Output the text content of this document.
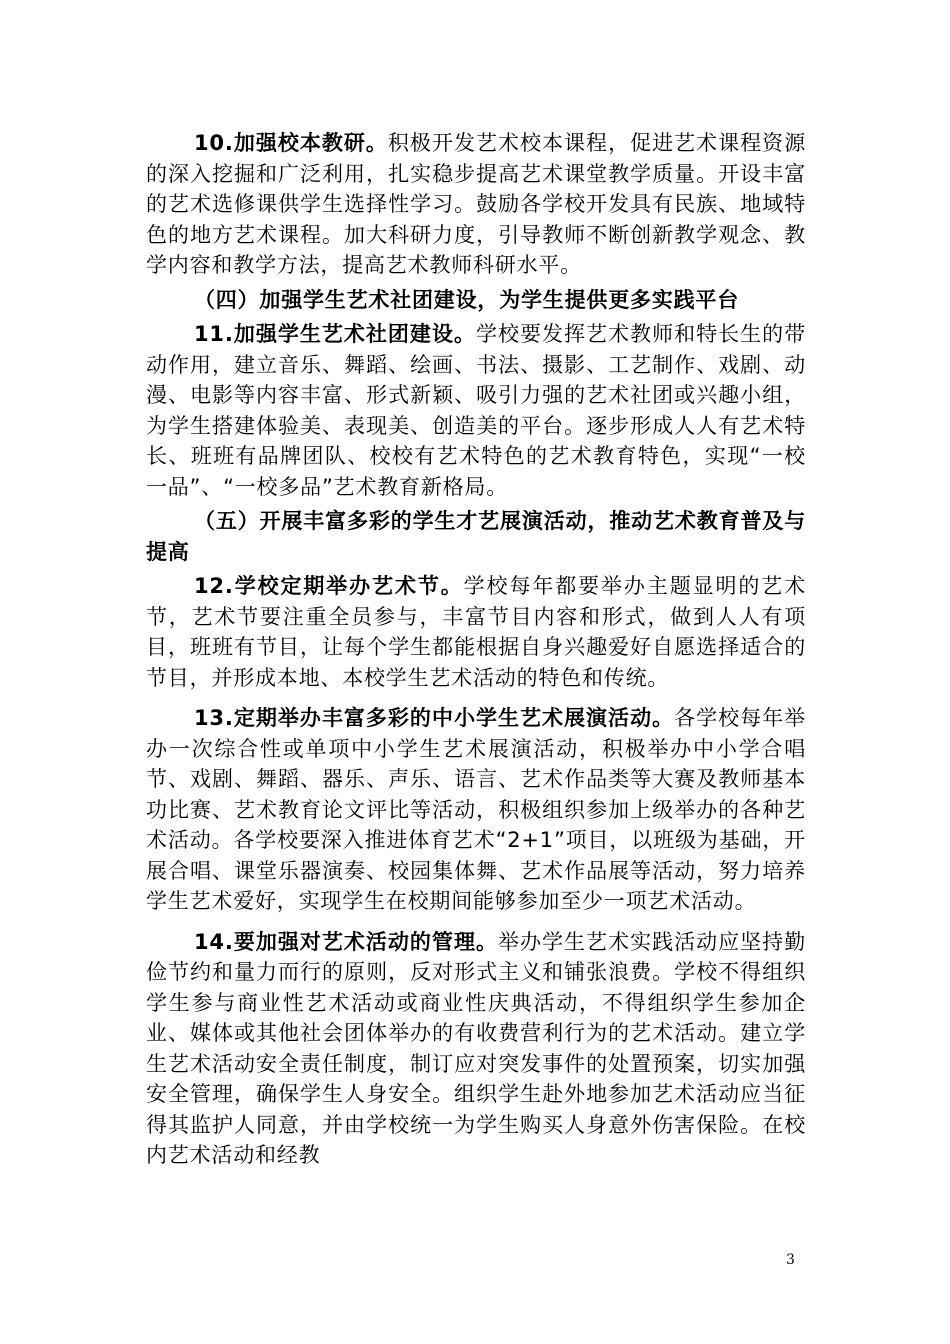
10.加强校本教研。积极开发艺术校本课程，促进艺术课程资源的深入挖掘和广泛利用，扎实稳步提高艺术课堂教学质量。开设丰富的艺术选修课供学生选择性学习。鼓励各学校开发具有民族、地域特色的地方艺术课程。加大科研力度，引导教师不断创新教学观念、教学内容和教学方法，提高艺术教师科研水平。

（四）加强学生艺术社团建设，为学生提供更多实践平台

11.加强学生艺术社团建设。学校要发挥艺术教师和特长生的带动作用，建立音乐、舞蹈、绘画、书法、摄影、工艺制作、戏剧、动漫、电影等内容丰富、形式新颖、吸引力强的艺术社团或兴趣小组，为学生搭建体验美、表现美、创造美的平台。逐步形成人人有艺术特长、班班有品牌团队、校校有艺术特色的艺术教育特色，实现“一校一品”、“一校多品”艺术教育新格局。

（五）开展丰富多彩的学生才艺展演活动，推动艺术教育普及与提高

12.学校定期举办艺术节。学校每年都要举办主题显明的艺术节，艺术节要注重全员参与，丰富节目内容和形式，做到人人有项目，班班有节目，让每个学生都能根据自身兴趣爱好自愿选择适合的节目，并形成本地、本校学生艺术活动的特色和传统。

13.定期举办丰富多彩的中小学生艺术展演活动。各学校每年举办一次综合性或单项中小学生艺术展演活动，积极举办中小学合唱节、戏剧、舞蹈、器乐、声乐、语言、艺术作品类等大赛及教师基本功比赛、艺术教育论文评比等活动，积极组织参加上级举办的各种艺术活动。各学校要深入推进体育艺术“2+1”项目，以班级为基础，开展合唱、课堂乐器演奏、校园集体舞、艺术作品展等活动，努力培养学生艺术爱好，实现学生在校期间能够参加至少一项艺术活动。

14.要加强对艺术活动的管理。举办学生艺术实践活动应坚持勤俭节约和量力而行的原则，反对形式主义和铺张浪费。学校不得组织学生参与商业性艺术活动或商业性庆典活动，不得组织学生参加企业、媒体或其他社会团体举办的有收费营利行为的艺术活动。建立学生艺术活动安全责任制度，制订应对突发事件的处置预案，切实加强安全管理，确保学生人身安全。组织学生赴外地参加艺术活动应当征得其监护人同意，并由学校统一为学生购买人身意外伤害保险。在校内艺术活动和经教

3
